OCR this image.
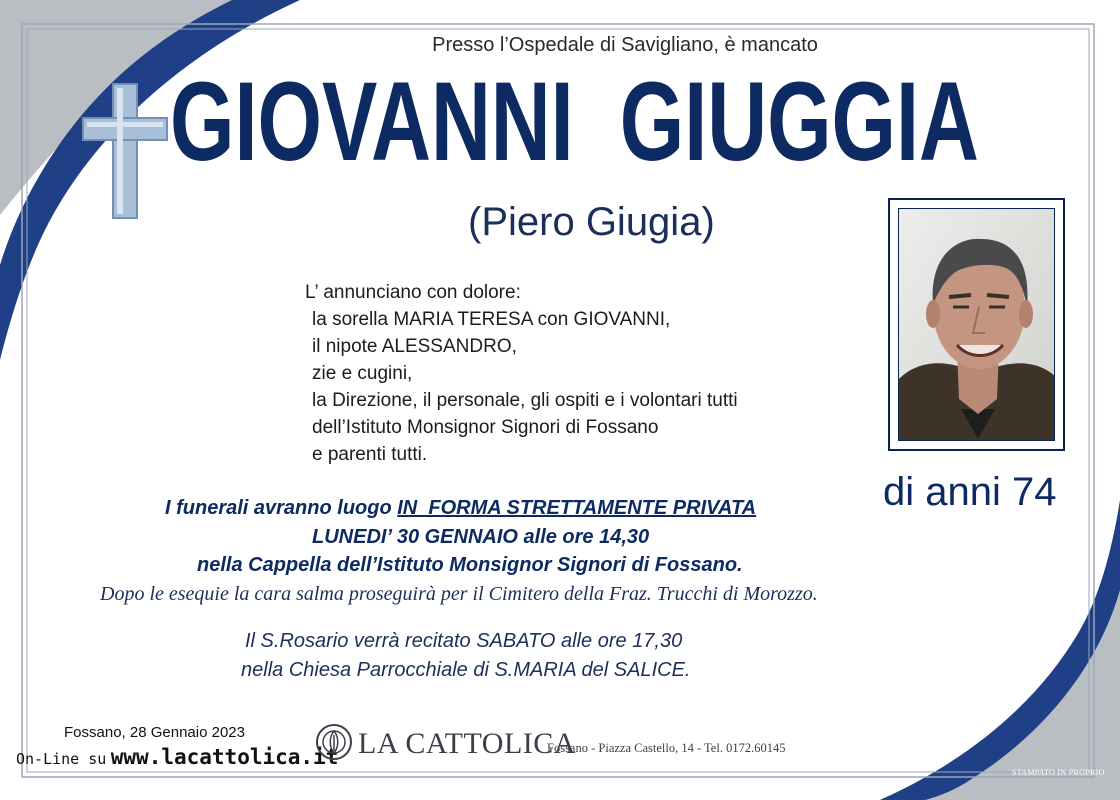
Presso l’Ospedale di Savigliano, è mancato
GIOVANNI  GIUGGIA
(Piero Giugia)
L’ annunciano con dolore:
la sorella MARIA TERESA con GIOVANNI,
il nipote ALESSANDRO,
zie e cugini,
la Direzione, il personale, gli ospiti e i volontari tutti
dell’Istituto Monsignor Signori di Fossano
e parenti tutti.
di anni 74
I funerali avranno luogo IN  FORMA STRETTAMENTE PRIVATA
LUNEDI’ 30 GENNAIO alle ore 14,30
nella Cappella dell’Istituto Monsignor Signori di Fossano.
Dopo le esequie la cara salma proseguirà per il Cimitero della Fraz. Trucchi di Morozzo.
Il S.Rosario verrà recitato SABATO alle ore 17,30
nella Chiesa Parrocchiale di S.MARIA del SALICE.
Fossano, 28 Gennaio 2023
On-Line su www.lacattolica.it LA CATTOLICA
Fossano - Piazza Castello, 14 - Tel. 0172.60145
STAMPATO IN PROPRIO
